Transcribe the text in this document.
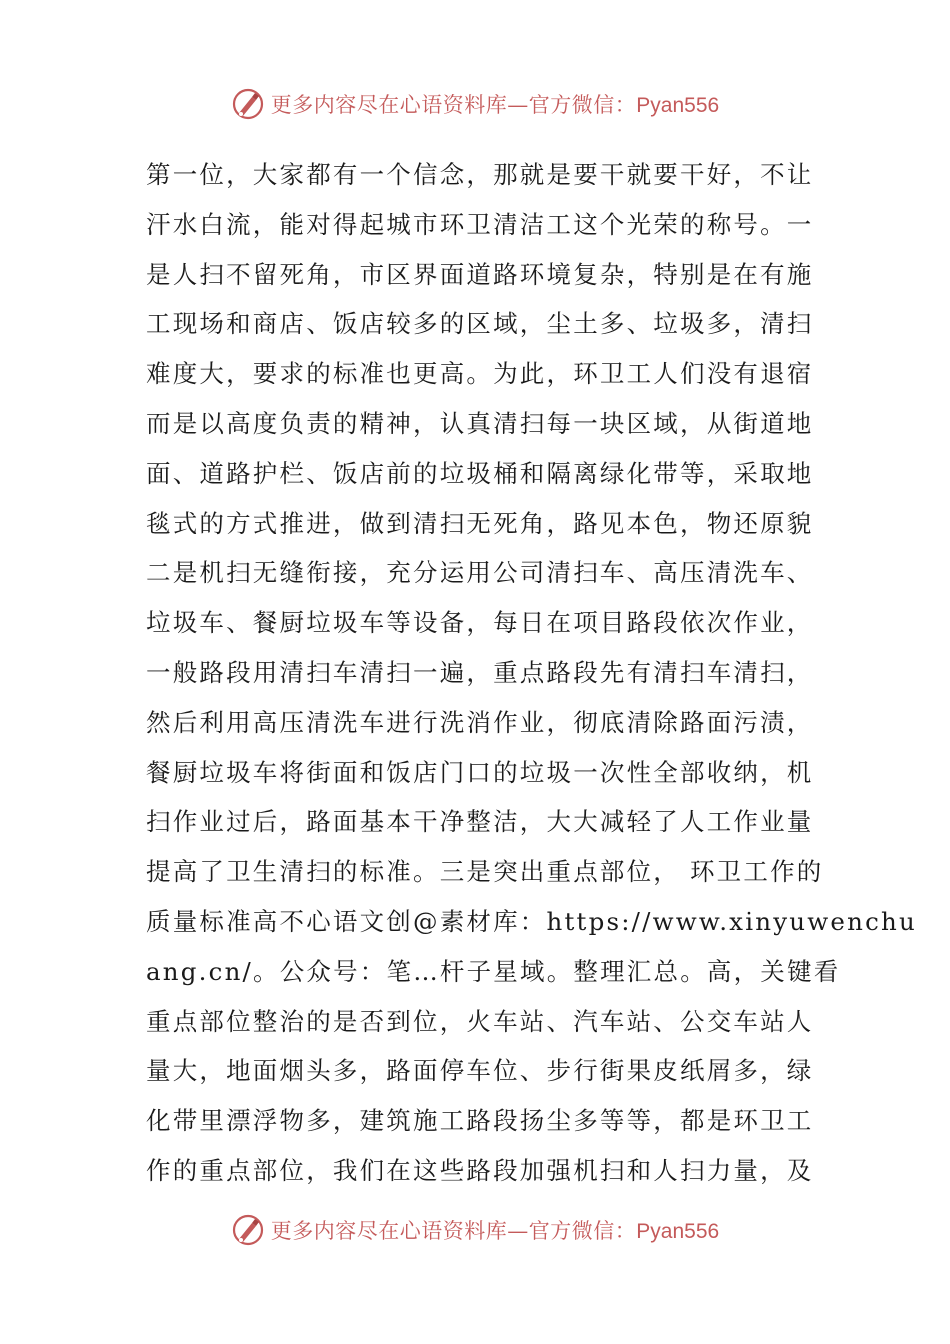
更多内容尽在心语资料库—官方微信：Pyan556
第一位，大家都有一个信念，那就是要干就要干好，不让
汗水白流，能对得起城市环卫清洁工这个光荣的称号。一
是人扫不留死角，市区界面道路环境复杂，特别是在有施
工现场和商店、饭店较多的区域，尘土多、垃圾多，清扫
难度大，要求的标准也更高。为此，环卫工人们没有退宿
而是以高度负责的精神，认真清扫每一块区域，从街道地
面、道路护栏、饭店前的垃圾桶和隔离绿化带等，采取地
毯式的方式推进，做到清扫无死角，路见本色，物还原貌
二是机扫无缝衔接，充分运用公司清扫车、高压清洗车、
垃圾车、餐厨垃圾车等设备，每日在项目路段依次作业，
一般路段用清扫车清扫一遍，重点路段先有清扫车清扫，
然后利用高压清洗车进行洗消作业，彻底清除路面污渍，
餐厨垃圾车将街面和饭店门口的垃圾一次性全部收纳，机
扫作业过后，路面基本干净整洁，大大减轻了人工作业量
提高了卫生清扫的标准。三是突出重点部位， 环卫工作的
质量标准高不心语文创@素材库：https://www.xinyuwenchu
ang.cn/。公众号：笔…杆子星域。整理汇总。高，关键看
重点部位整治的是否到位，火车站、汽车站、公交车站人
量大，地面烟头多，路面停车位、步行街果皮纸屑多，绿
化带里漂浮物多，建筑施工路段扬尘多等等，都是环卫工
作的重点部位，我们在这些路段加强机扫和人扫力量，及
更多内容尽在心语资料库—官方微信：Pyan556
